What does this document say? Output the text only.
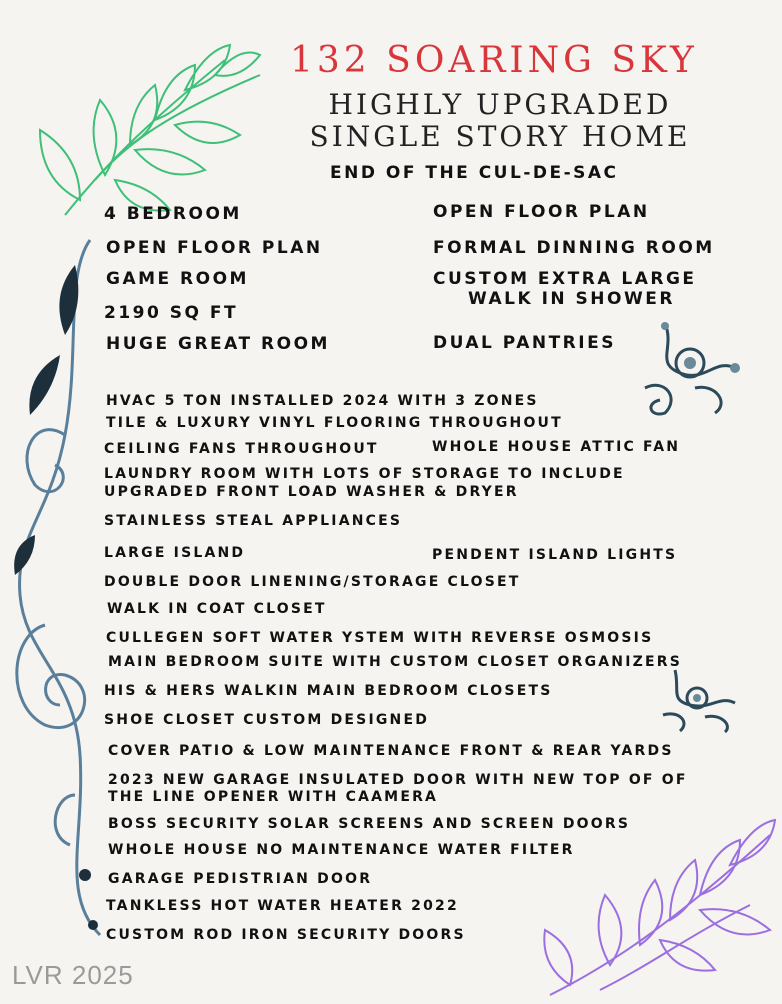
132 SOARING SKY
HIGHLY UPGRADED
SINGLE STORY HOME
END OF THE CUL-DE-SAC
4 BEDROOM
OPEN FLOOR PLAN
GAME ROOM
2190 SQ FT
HUGE GREAT ROOM
OPEN FLOOR PLAN
FORMAL DINNING ROOM
CUSTOM EXTRA LARGE
WALK IN SHOWER
DUAL PANTRIES
HVAC 5 TON INSTALLED 2024 WITH 3 ZONES
TILE & LUXURY VINYL FLOORING THROUGHOUT
CEILING FANS THROUGHOUT	WHOLE HOUSE ATTIC FAN
LAUNDRY ROOM WITH LOTS OF STORAGE TO INCLUDE
UPGRADED FRONT LOAD WASHER & DRYER
STAINLESS STEAL APPLIANCES
LARGE ISLAND	PENDENT ISLAND LIGHTS
DOUBLE DOOR LINENING/STORAGE CLOSET
WALK IN COAT CLOSET
CULLEGEN SOFT WATER YSTEM WITH REVERSE OSMOSIS
MAIN BEDROOM SUITE WITH CUSTOM CLOSET ORGANIZERS
HIS & HERS WALKIN MAIN BEDROOM CLOSETS
SHOE CLOSET CUSTOM DESIGNED
COVER PATIO & LOW MAINTENANCE FRONT & REAR YARDS
2023 NEW GARAGE INSULATED DOOR WITH NEW TOP OF OF
THE LINE OPENER WITH CAAMERA
BOSS SECURITY SOLAR SCREENS AND SCREEN DOORS
WHOLE HOUSE NO MAINTENANCE WATER FILTER
GARAGE PEDISTRIAN DOOR
TANKLESS HOT WATER HEATER 2022
CUSTOM ROD IRON SECURITY DOORS
LVR 2025
